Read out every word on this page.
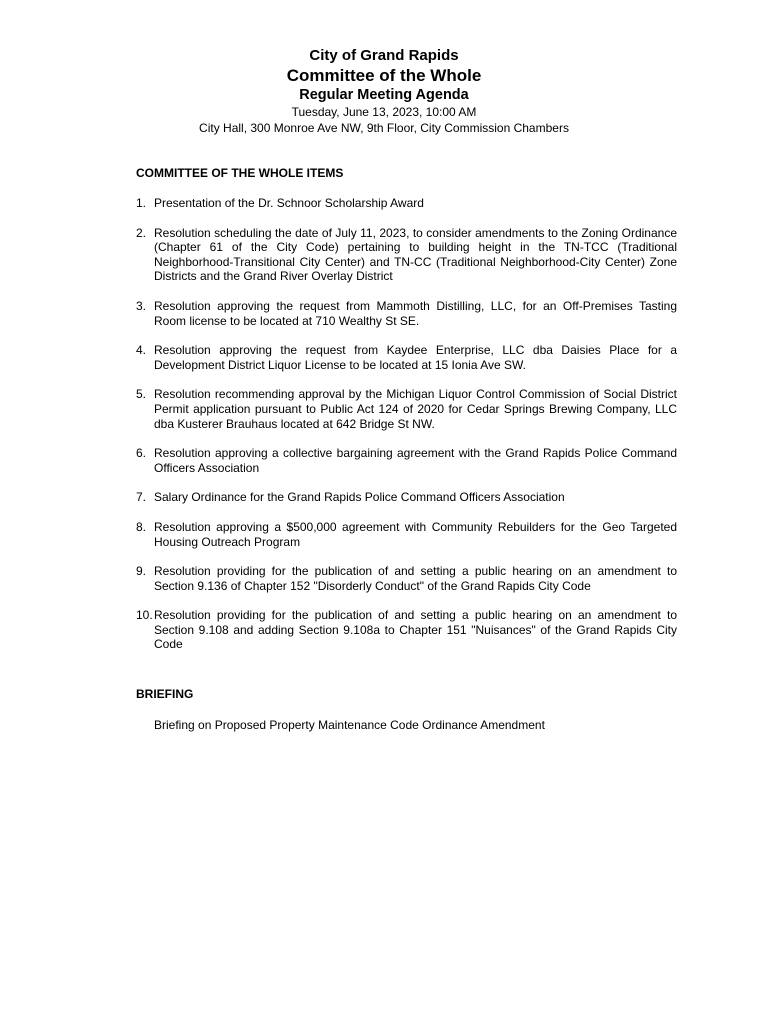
City of Grand Rapids
Committee of the Whole
Regular Meeting Agenda
Tuesday, June 13, 2023, 10:00 AM
City Hall, 300 Monroe Ave NW, 9th Floor, City Commission Chambers
COMMITTEE OF THE WHOLE ITEMS
1. Presentation of the Dr. Schnoor Scholarship Award
2. Resolution scheduling the date of July 11, 2023, to consider amendments to the Zoning Ordinance (Chapter 61 of the City Code) pertaining to building height in the TN-TCC (Traditional Neighborhood-Transitional City Center) and TN-CC (Traditional Neighborhood-City Center) Zone Districts and the Grand River Overlay District
3. Resolution approving the request from Mammoth Distilling, LLC, for an Off-Premises Tasting Room license to be located at 710 Wealthy St SE.
4. Resolution approving the request from Kaydee Enterprise, LLC dba Daisies Place for a Development District Liquor License to be located at 15 Ionia Ave SW.
5. Resolution recommending approval by the Michigan Liquor Control Commission of Social District Permit application pursuant to Public Act 124 of 2020 for Cedar Springs Brewing Company, LLC dba Kusterer Brauhaus located at 642 Bridge St NW.
6. Resolution approving a collective bargaining agreement with the Grand Rapids Police Command Officers Association
7. Salary Ordinance for the Grand Rapids Police Command Officers Association
8. Resolution approving a $500,000 agreement with Community Rebuilders for the Geo Targeted Housing Outreach Program
9. Resolution providing for the publication of and setting a public hearing on an amendment to Section 9.136 of Chapter 152 "Disorderly Conduct" of the Grand Rapids City Code
10. Resolution providing for the publication of and setting a public hearing on an amendment to Section 9.108 and adding Section 9.108a to Chapter 151 "Nuisances" of the Grand Rapids City Code
BRIEFING
Briefing on Proposed Property Maintenance Code Ordinance Amendment
